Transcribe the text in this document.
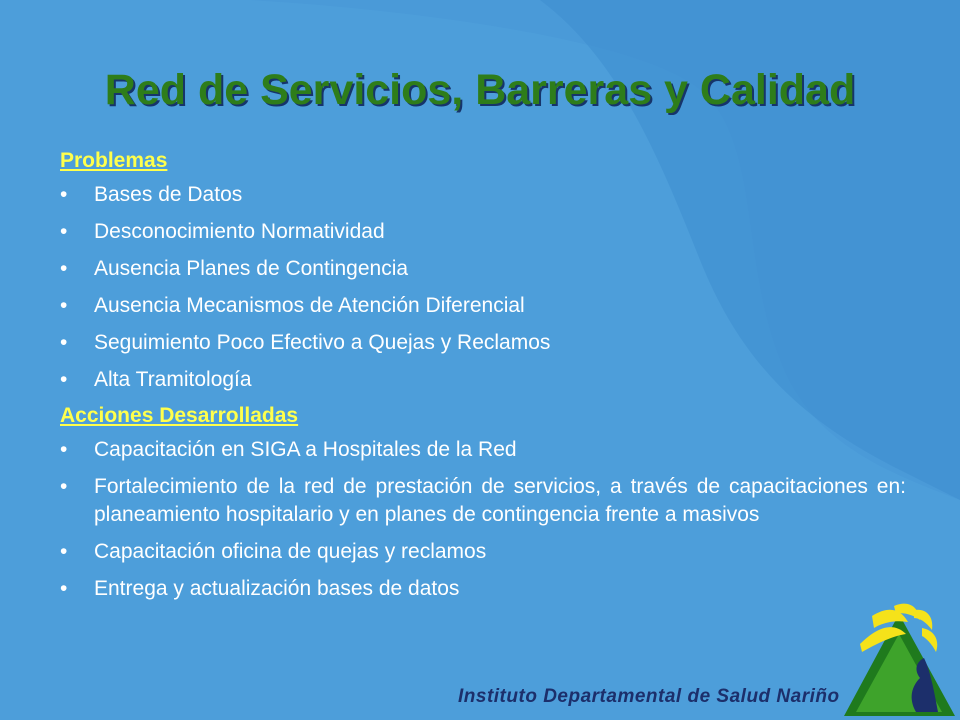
Red de Servicios, Barreras y Calidad
Problemas
• Bases de Datos
• Desconocimiento Normatividad
• Ausencia Planes de Contingencia
• Ausencia Mecanismos de Atención Diferencial
• Seguimiento Poco Efectivo a Quejas y Reclamos
• Alta Tramitología
Acciones Desarrolladas
• Capacitación en SIGA a Hospitales de la Red
• Fortalecimiento de la red de prestación de servicios, a través de capacitaciones en: planeamiento hospitalario y en planes de contingencia frente a masivos
• Capacitación oficina de quejas y reclamos
• Entrega y actualización bases de datos
Instituto Departamental de Salud Nariño
